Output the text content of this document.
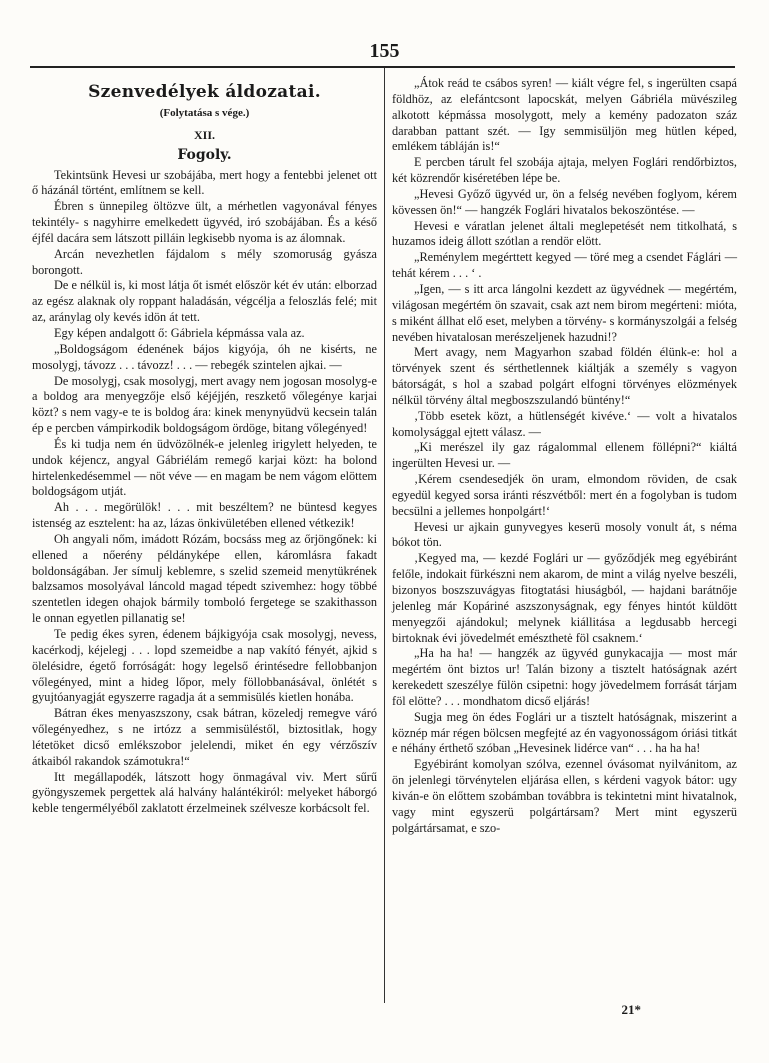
155
Szenvedélyek áldozatai.
(Folytatása s vége.)
XII.
Fogoly.

Tekintsünk Hevesi ur szobájába, mert hogy a fentebbi jelenet ott ő házánál történt, említnem se kell.

Ébren s ünnepileg öltözve ült, a mérhetlen vagyonával fényes tekintély- s nagyhirre emelkedett ügyvéd, iró szobájában. És a késő éjfél dacára sem látszott pilláin legkisebb nyoma is az álomnak.

Arcán nevezhetlen fájdalom s mély szomoruság gyásza borongott.

De e nélkül is, ki most látja őt ismét először két év után: elborzad az egész alaknak oly roppant haladásán, végcélja a feloszlás felé; mit az, aránylag oly kevés idön át tett.

Egy képen andalgott ő: Gábriela képmássa vala az.

„Boldogságom édenének bájos kigyója, óh ne kisérts, ne mosolygj, távozz . . . távozz! . . . — rebegék szintelen ajkai. —

De mosolygj, csak mosolygj, mert avagy nem jogosan mosolyg-e a boldog ara menyegzője első kéjéjjén, reszkető vőlegénye karjai közt? s nem vagy-e te is boldog ára: kinek menynyüdvü kecsein talán ép e percben vámpirkodik boldogságom ördöge, bitang vőlegényed!

És ki tudja nem én üdvözölnék-e jelenleg irigylett helyeden, te undok kéjencz, angyal Gábriélám remegő karjai közt: ha bolond hirtelenkedésemmel — nöt véve — en magam be nem vágom elöttem boldogságom utját.

Ah . . . megörülök! . . . mit beszéltem? ne büntesd kegyes istenség az esztelent: ha az, lázas önkivületében ellened vétkezik!

Oh angyali nőm, imádott Rózám, bocsáss meg az őrjöngőnek: ki ellened a nőerény példányképe ellen, káromlásra fakadt boldonságában. Jer símulj keblemre, s szelid szemeid menytükrének balzsamos mosolyával láncold magad tépedt szivemhez: hogy többé szentetlen idegen ohajok bármily tomboló fergetege se szakithasson le onnan egyetlen pillanatig se!

Te pedig ékes syren, édenem bájkigyója csak mosolygj, nevess, kacérkodj, kéjelegj . . . lopd szemeidbe a nap vakító fényét, ajkid s ölelésidre, égető forróságát: hogy legelső érintésedre fellobbanjon vőlegényed, mint a hideg lőpor, mely föllobbanásával, önlétét s gyujtóanyagját egyszerre ragadja át a semmisülés kietlen honába.

Bátran ékes menyaszszony, csak bátran, közeledj remegve váró vőlegényedhez, s ne irtózz a semmisüléstől, biztositlak, hogy létetöket dicső emlékszobor jelelendi, miket én egy vérzőszív átkaiból rakandok számotukra!“

Itt megállapodék, látszott hogy önmagával viv. Mert sűrű gyöngyszemek pergettek alá halvány halántékiról: melyeket háborgó keble tengermélyéből zaklatott érzelmeinek szélvesze korbácsolt fel.

„Átok reád te csábos syren! — kiált végre fel, s ingerülten csapá földhöz, az elefántcsont lapocskát, melyen Gábriéla müvészileg alkotott képmássa mosolygott, mely a kemény padozaton száz darabban pattant szét. — Igy semmisüljön meg hütlen képed, emlékem tábláján is!“

E percben tárult fel szobája ajtaja, melyen Foglári rendőrbiztos, két közrendőr kiséretében lépe be.

„Hevesi Győző ügyvéd ur, ön a felség nevében foglyom, kérem kövessen ön!“ — hangzék Foglári hivatalos bekoszöntése. —

Hevesi e váratlan jelenet általi meglepetését nem titkolhatá, s huzamos ideig állott szótlan a rendör elött.

„Reménylem megérttett kegyed — töré meg a csendet Fáglári — tehát kérem . . . ‘ .

„Igen, — s itt arca lángolni kezdett az ügyvédnek — megértém, világosan megértém ön szavait, csak azt nem birom megérteni: mióta, s miként állhat elő eset, melyben a törvény- s kormányszolgái a felség nevében hivatalosan merészeljenek hazudni!?

Mert avagy, nem Magyarhon szabad földén élünk-e: hol a törvények szent és sérthetlennek kiáltják a személy s vagyon bátorságát, s hol a szabad polgárt elfogni törvényes elözmények nélkül törvény által megboszszulandó büntény!“

‚Több esetek közt, a hütlenségét kivéve.‘ — volt a hivatalos komolysággal ejtett válasz. —

„Ki merészel ily gaz rágalommal ellenem föllépni?“ kiáltá ingerülten Hevesi ur. —

‚Kérem csendesedjék ön uram, elmondom röviden, de csak egyedül kegyed sorsa iránti részvétből: mert én a fogolyban is tudom becsülni a jellemes honpolgárt!‘

Hevesi ur ajkain gunyvegyes keserü mosoly vonult át, s néma bókot tön.

‚Kegyed ma, — kezdé Foglári ur — győződjék meg egyébiránt felőle, indokait fürkészni nem akarom, de mint a világ nyelve beszéli, bizonyos boszszuvágyas fitogtatási hiuságból, — hajdani barátnője jelenleg már Kopáriné aszszonyságnak, egy fényes hintót küldött menyegzői ajándokul; melynek kiállitása a legdusabb hercegi birtoknak évi jövedelmét emészthetė föl csaknem.‘

„Ha ha ha! — hangzék az ügyvéd gunykacajja — most már megértém önt biztos ur! Talán bizony a tisztelt hatóságnak azért kerekedett szeszélye fülön csipetni: hogy jövedelmem forrását tárjam föl elötte? . . . mondhatom dicső eljárás!

Sugja meg ön édes Foglári ur a tisztelt hatóságnak, miszerint a köznép már régen bölcsen megfejté az én vagyonosságom óriási titkát e néhány érthető szóban „Hevesinek lidérce van“ . . . ha ha ha!

Egyébiránt komolyan szólva, ezennel óvásomat nyilvánitom, az ön jelenlegi törvénytelen eljárása ellen, s kérdeni vagyok bátor: ugy kiván-e ön előttem szobámban továbbra is tekintetni mint hivatalnok, vagy mint egyszerü polgártársam? Mert mint egyszerü polgártársamat, e szo-

21*
